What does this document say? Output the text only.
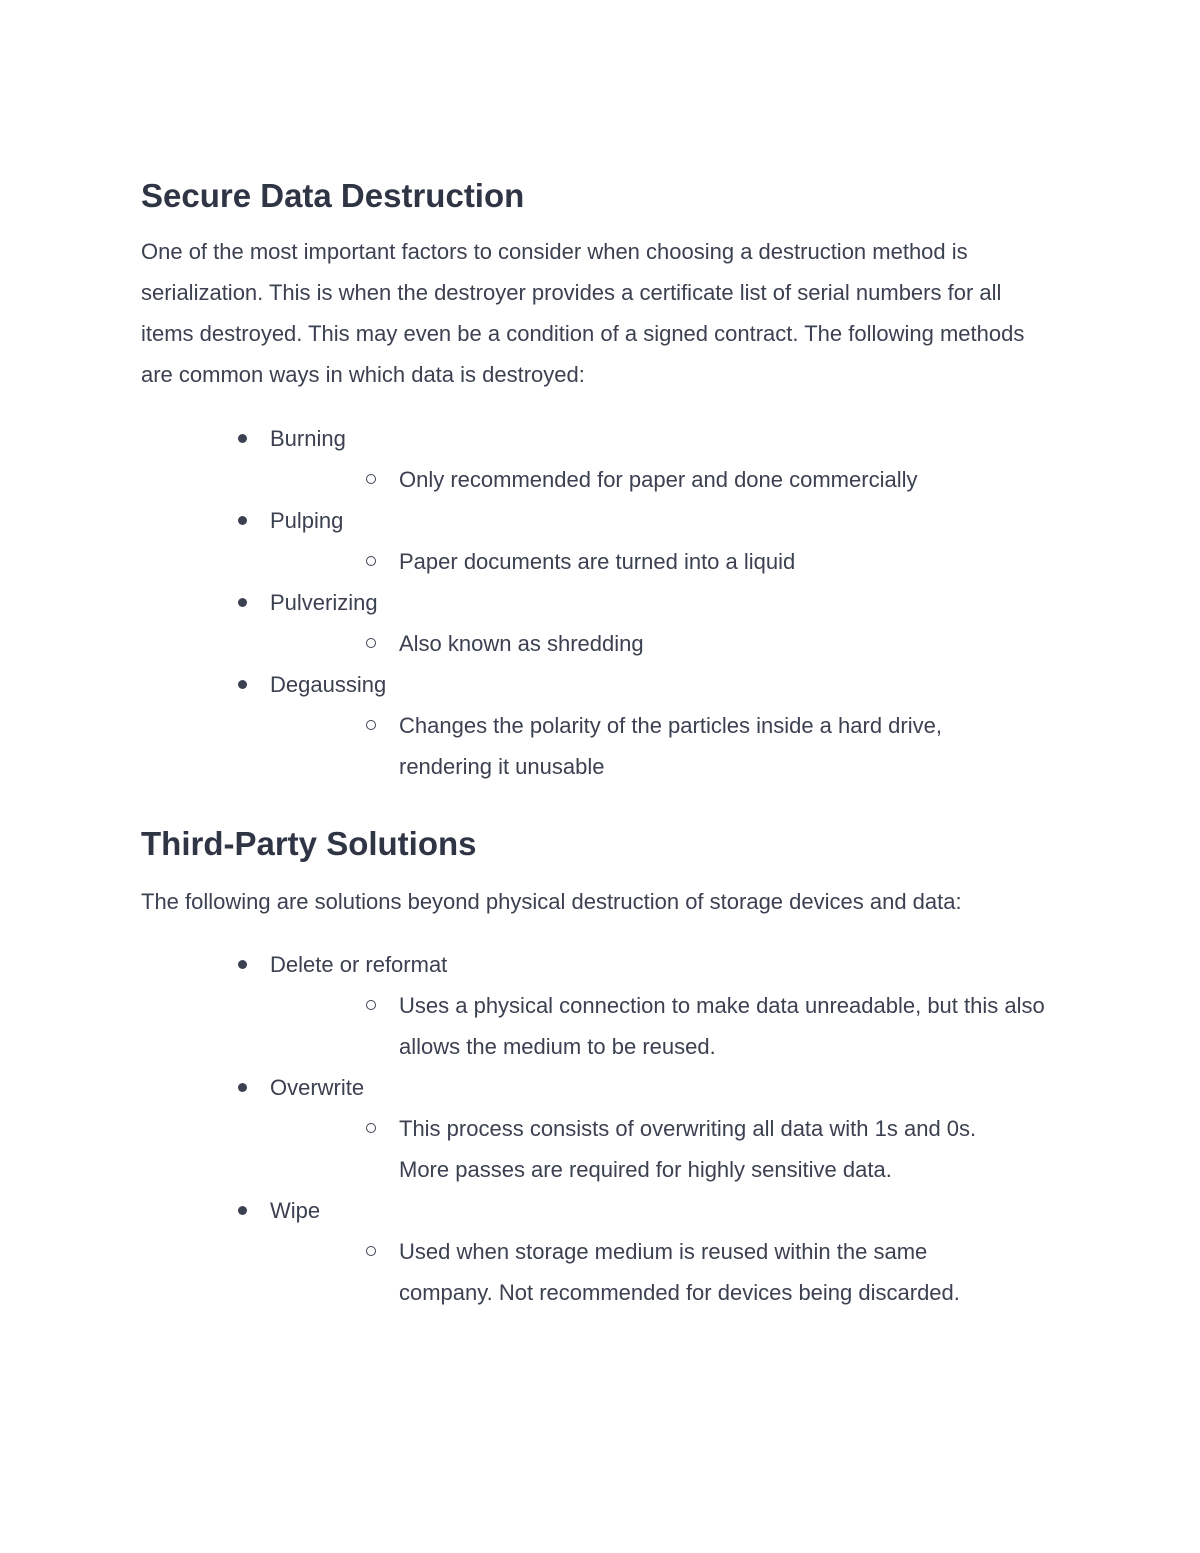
Secure Data Destruction

One of the most important factors to consider when choosing a destruction method is serialization. This is when the destroyer provides a certificate list of serial numbers for all items destroyed. This may even be a condition of a signed contract. The following methods are common ways in which data is destroyed:

Burning
Only recommended for paper and done commercially
Pulping
Paper documents are turned into a liquid
Pulverizing
Also known as shredding
Degaussing
Changes the polarity of the particles inside a hard drive, rendering it unusable
Third-Party Solutions

The following are solutions beyond physical destruction of storage devices and data:

Delete or reformat
Uses a physical connection to make data unreadable, but this also allows the medium to be reused.
Overwrite
This process consists of overwriting all data with 1s and 0s. More passes are required for highly sensitive data.
Wipe
Used when storage medium is reused within the same company. Not recommended for devices being discarded.
